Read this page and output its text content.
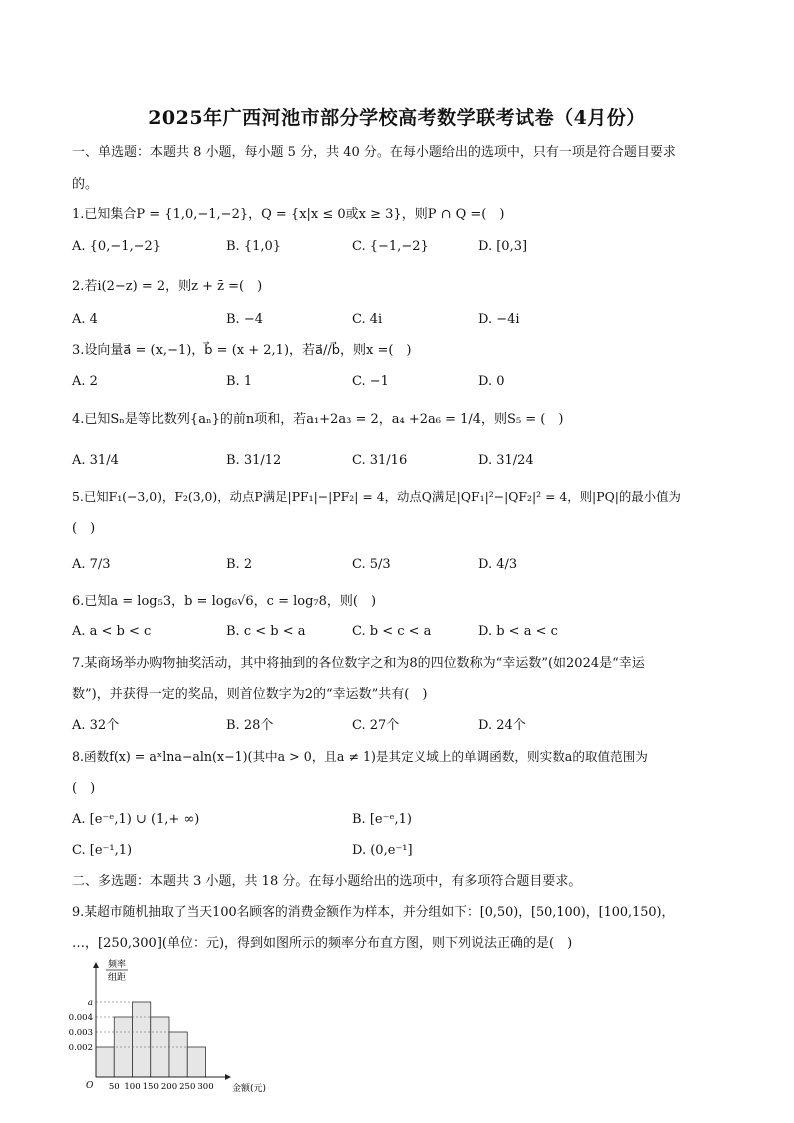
2025年广西河池市部分学校高考数学联考试卷（4月份）
一、单选题：本题共 8 小题，每小题 5 分，共 40 分。在每小题给出的选项中，只有一项是符合题目要求
的。
1.已知集合P = {1,0,−1,−2}，Q = {x|x ≤ 0或x ≥ 3}，则P ∩ Q =(　)
A. {0,−1,−2}	B. {1,0}	C. {−1,−2}	D. [0,3]
2.若i(2−z) = 2，则z + z̄ =(　)
A. 4	B. −4	C. 4i	D. −4i
3.设向量a⃗ = (x,−1)，b⃗ = (x + 2,1)，若a⃗//b⃗，则x =(　)
A. 2	B. 1	C. −1	D. 0
4.已知Sₙ是等比数列{aₙ}的前n项和，若a₁+2a₃ = 2，a₄ +2a₆ = 1/4，则S₅ = (　)
A. 31/4	B. 31/12	C. 31/16	D. 31/24
5.已知F₁(−3,0)，F₂(3,0)，动点P满足|PF₁|−|PF₂| = 4，动点Q满足|QF₁|²−|QF₂|² = 4，则|PQ|的最小值为
(　)
A. 7/3	B. 2	C. 5/3	D. 4/3
6.已知a = log₅3，b = log₆√6，c = log₇8，则(　)
A. a < b < c	B. c < b < a	C. b < c < a	D. b < a < c
7.某商场举办购物抽奖活动，其中将抽到的各位数字之和为8的四位数称为“幸运数”(如2024是“幸运
数”)，并获得一定的奖品，则首位数字为2的“幸运数”共有(　)
A. 32个	B. 28个	C. 27个	D. 24个
8.函数f(x) = aˣlna−aln(x−1)(其中a > 0，且a ≠ 1)是其定义域上的单调函数，则实数a的取值范围为
(　)
A. [e⁻ᵉ,1) ∪ (1,+ ∞)	B. [e⁻ᵉ,1)
C. [e⁻¹,1)	D. (0,e⁻¹]
二、多选题：本题共 3 小题，共 18 分。在每小题给出的选项中，有多项符合题目要求。
9.某超市随机抽取了当天100名顾客的消费金额作为样本，并分组如下：[0,50)，[50,100)，[100,150)，
…，[250,300](单位：元)，得到如图所示的频率分布直方图，则下列说法正确的是(　)
频率
组距
O	金额(元)
50 100 150 200 250 300
0.002
0.003
0.004
a
